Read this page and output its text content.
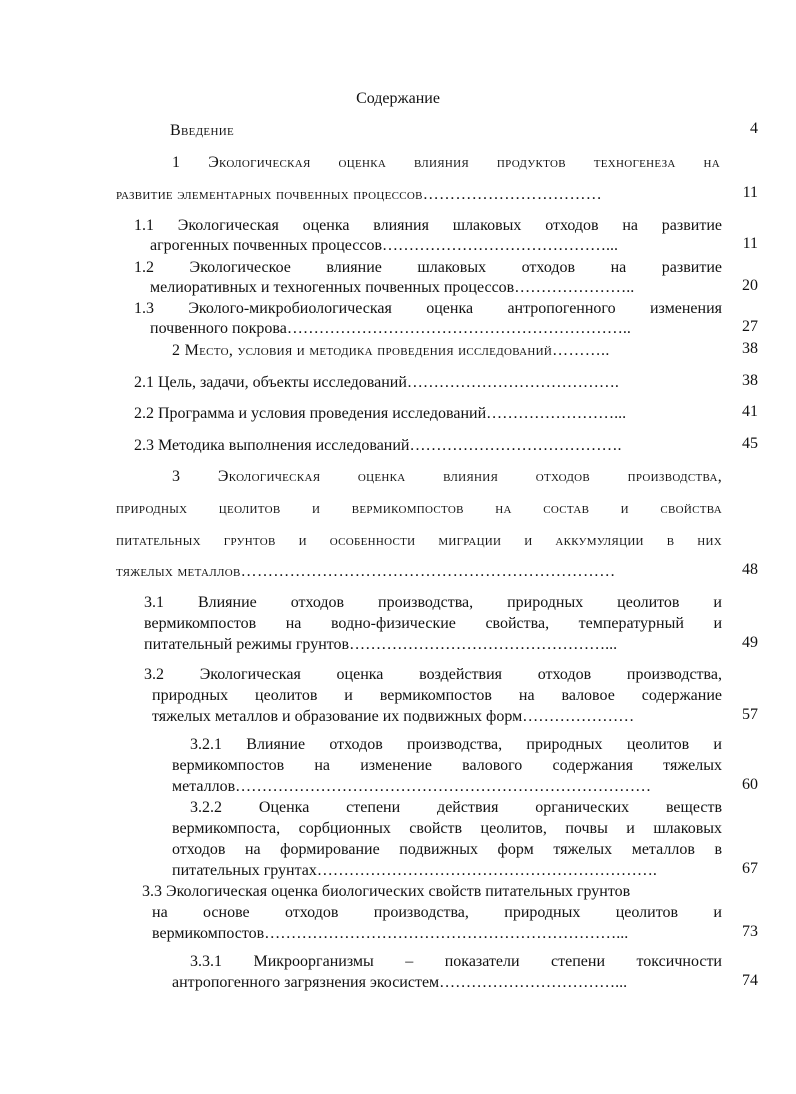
Содержание
Введение	4
1 Экологическая оценка влияния продуктов техногенеза на
развитие элементарных почвенных процессов……………………………	11
1.1 Экологическая оценка влияния шлаковых отходов на развитие
агрогенных почвенных процессов……………………………………...	11
1.2 Экологическое влияние шлаковых отходов на развитие
мелиоративных и техногенных почвенных процессов…………………..	20
1.3 Эколого-микробиологическая оценка антропогенного изменения
почвенного покрова………………………………………………………..	27
2 Место, условия и методика проведения исследований………..	38
2.1 Цель, задачи, объекты исследований………………………………….	38
2.2 Программа и условия проведения исследований……………………...	41
2.3 Методика выполнения исследований………………………………….	45
3 Экологическая оценка влияния отходов производства,
природных цеолитов и вермикомпостов на состав и свойства
питательных грунтов и особенности миграции и аккумуляции в них
тяжелых металлов……………………………………………………………	48
3.1 Влияние отходов производства, природных цеолитов и
вермикомпостов на водно-физические свойства, температурный и
питательный режимы грунтов…………………………………………...	49
3.2 Экологическая оценка воздействия отходов производства,
природных цеолитов и вермикомпостов на валовое содержание
тяжелых металлов и образование их подвижных форм…………………	57
3.2.1 Влияние отходов производства, природных цеолитов и
вермикомпостов на изменение валового содержания тяжелых
металлов……………………………………………………………………	60
3.2.2 Оценка степени действия органических веществ
вермикомпоста, сорбционных свойств цеолитов, почвы и шлаковых
отходов на формирование подвижных форм тяжелых металлов в
питательных грунтах……………………………………………………….	67
3.3 Экологическая оценка биологических свойств питательных грунтов
на основе отходов производства, природных цеолитов и
вермикомпостов…………………………………………………………...	73
3.3.1 Микроорганизмы – показатели степени токсичности
антропогенного загрязнения экосистем……………………………...	74
